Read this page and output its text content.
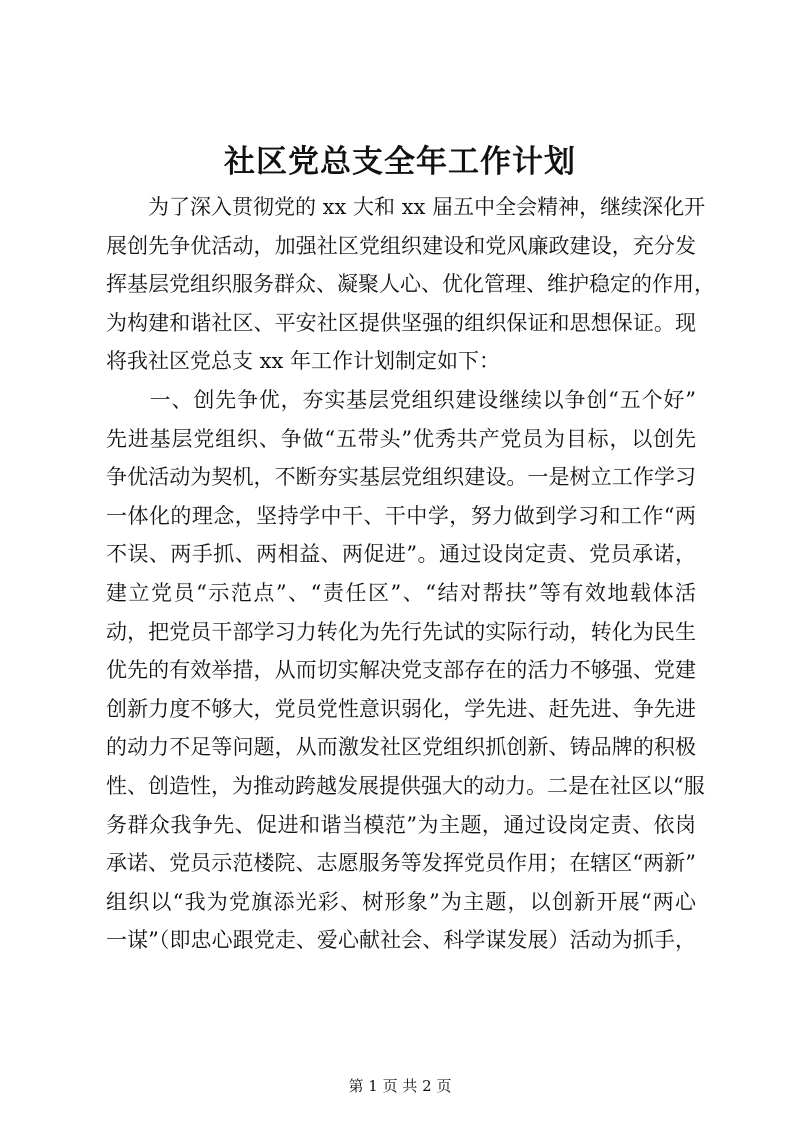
社区党总支全年工作计划
　　为了深入贯彻党的 xx 大和 xx 届五中全会精神，继续深化开
展创先争优活动，加强社区党组织建设和党风廉政建设，充分发
挥基层党组织服务群众、凝聚人心、优化管理、维护稳定的作用，
为构建和谐社区、平安社区提供坚强的组织保证和思想保证。现
将我社区党总支 xx 年工作计划制定如下：
　　一、创先争优，夯实基层党组织建设继续以争创“五个好”
先进基层党组织、争做“五带头”优秀共产党员为目标，以创先
争优活动为契机，不断夯实基层党组织建设。一是树立工作学习
一体化的理念，坚持学中干、干中学，努力做到学习和工作“两
不误、两手抓、两相益、两促进”。通过设岗定责、党员承诺，
建立党员“示范点”、“责任区”、“结对帮扶”等有效地载体活
动，把党员干部学习力转化为先行先试的实际行动，转化为民生
优先的有效举措，从而切实解决党支部存在的活力不够强、党建
创新力度不够大，党员党性意识弱化，学先进、赶先进、争先进
的动力不足等问题，从而激发社区党组织抓创新、铸品牌的积极
性、创造性，为推动跨越发展提供强大的动力。二是在社区以“服
务群众我争先、促进和谐当模范”为主题，通过设岗定责、依岗
承诺、党员示范楼院、志愿服务等发挥党员作用；在辖区“两新”
组织以“我为党旗添光彩、树形象”为主题，以创新开展“两心
一谋”（即忠心跟党走、爱心献社会、科学谋发展）活动为抓手，
第 1 页 共 2 页
